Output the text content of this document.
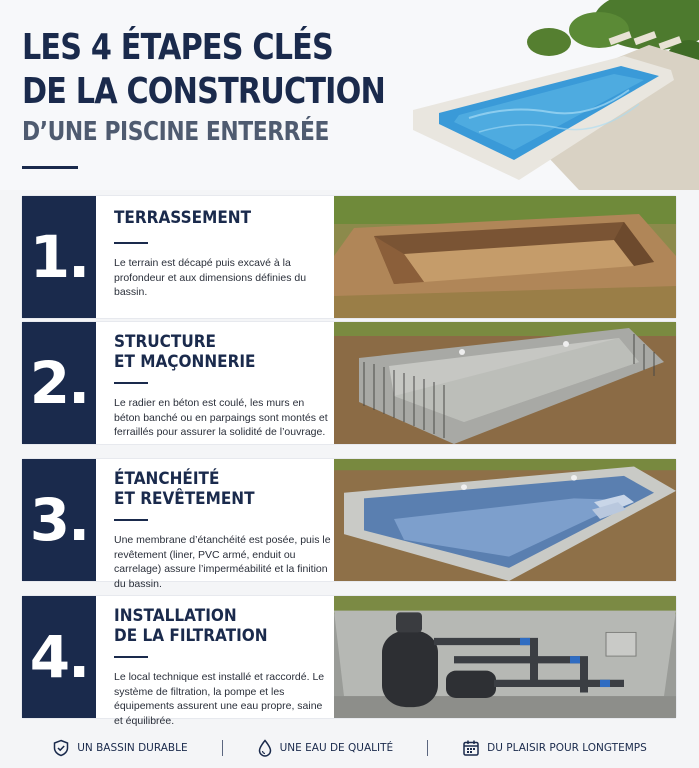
LES 4 ÉTAPES CLÉS
DE LA CONSTRUCTION
D’UNE PISCINE ENTERRÉE
1.
TERRASSEMENT
Le terrain est décapé puis excavé à la profondeur et aux dimensions définies du bassin.
2.
STRUCTURE
ET MAÇONNERIE
Le radier en béton est coulé, les murs en béton banché ou en parpaings sont montés et ferraillés pour assurer la solidité de l’ouvrage.
3.
ÉTANCHÉITÉ
ET REVÊTEMENT
Une membrane d’étanchéité est posée, puis le revêtement (liner, PVC armé, enduit ou carrelage) assure l’imperméabilité et la finition du bassin.
4.
INSTALLATION
DE LA FILTRATION
Le local technique est installé et raccordé. Le système de filtration, la pompe et les équipements assurent une eau propre, saine et équilibrée.
UN BASSIN DURABLE	UNE EAU DE QUALITÉ	DU PLAISIR POUR LONGTEMPS
